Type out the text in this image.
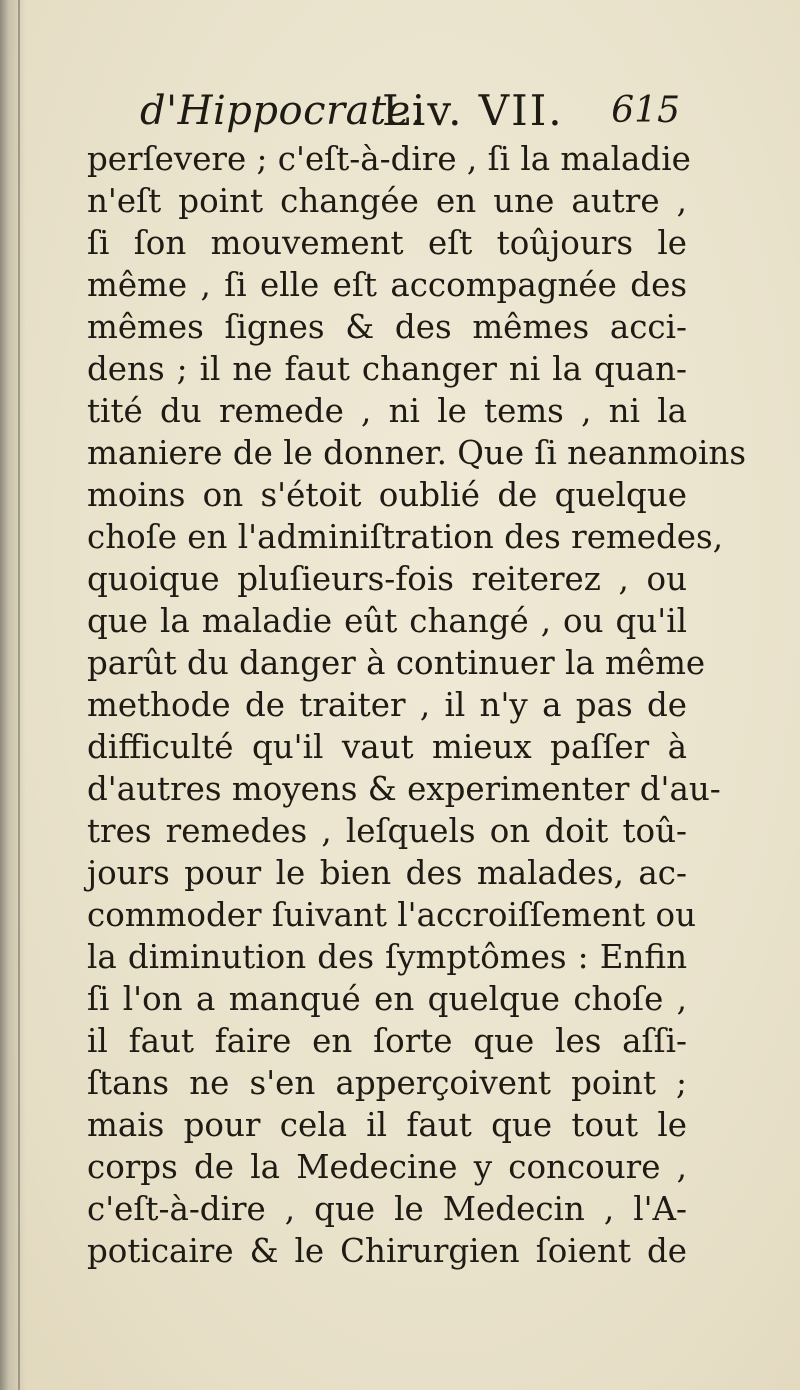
d'Hippocrate.
Liv. VII. 615
perſevere ; c'eſt-à-dire , ſi la maladie
n'eſt point changée en une autre ,
ſi ſon mouvement eſt toûjours le
même , ſi elle eſt accompagnée des
mêmes ſignes & des mêmes acci-
dens ; il ne faut changer ni la quan-
tité du remede , ni le tems , ni la
maniere de le donner. Que ſi neanmoins
moins on s'étoit oublié de quelque
choſe en l'adminiſtration des remedes,
quoique pluſieurs-fois reiterez , ou
que la maladie eût changé , ou qu'il
parût du danger à continuer la même
methode de traiter , il n'y a pas de
difficulté qu'il vaut mieux paſſer à
d'autres moyens & experimenter d'au-
tres remedes , leſquels on doit toû-
jours pour le bien des malades, ac-
commoder ſuivant l'accroiſſement ou
la diminution des ſymptômes : Enfin
ſi l'on a manqué en quelque choſe ,
il faut faire en ſorte que les aſſi-
ſtans ne s'en apperçoivent point ;
mais pour cela il faut que tout le
corps de la Medecine y concoure ,
c'eſt-à-dire , que le Medecin , l'A-
poticaire & le Chirurgien ſoient de
